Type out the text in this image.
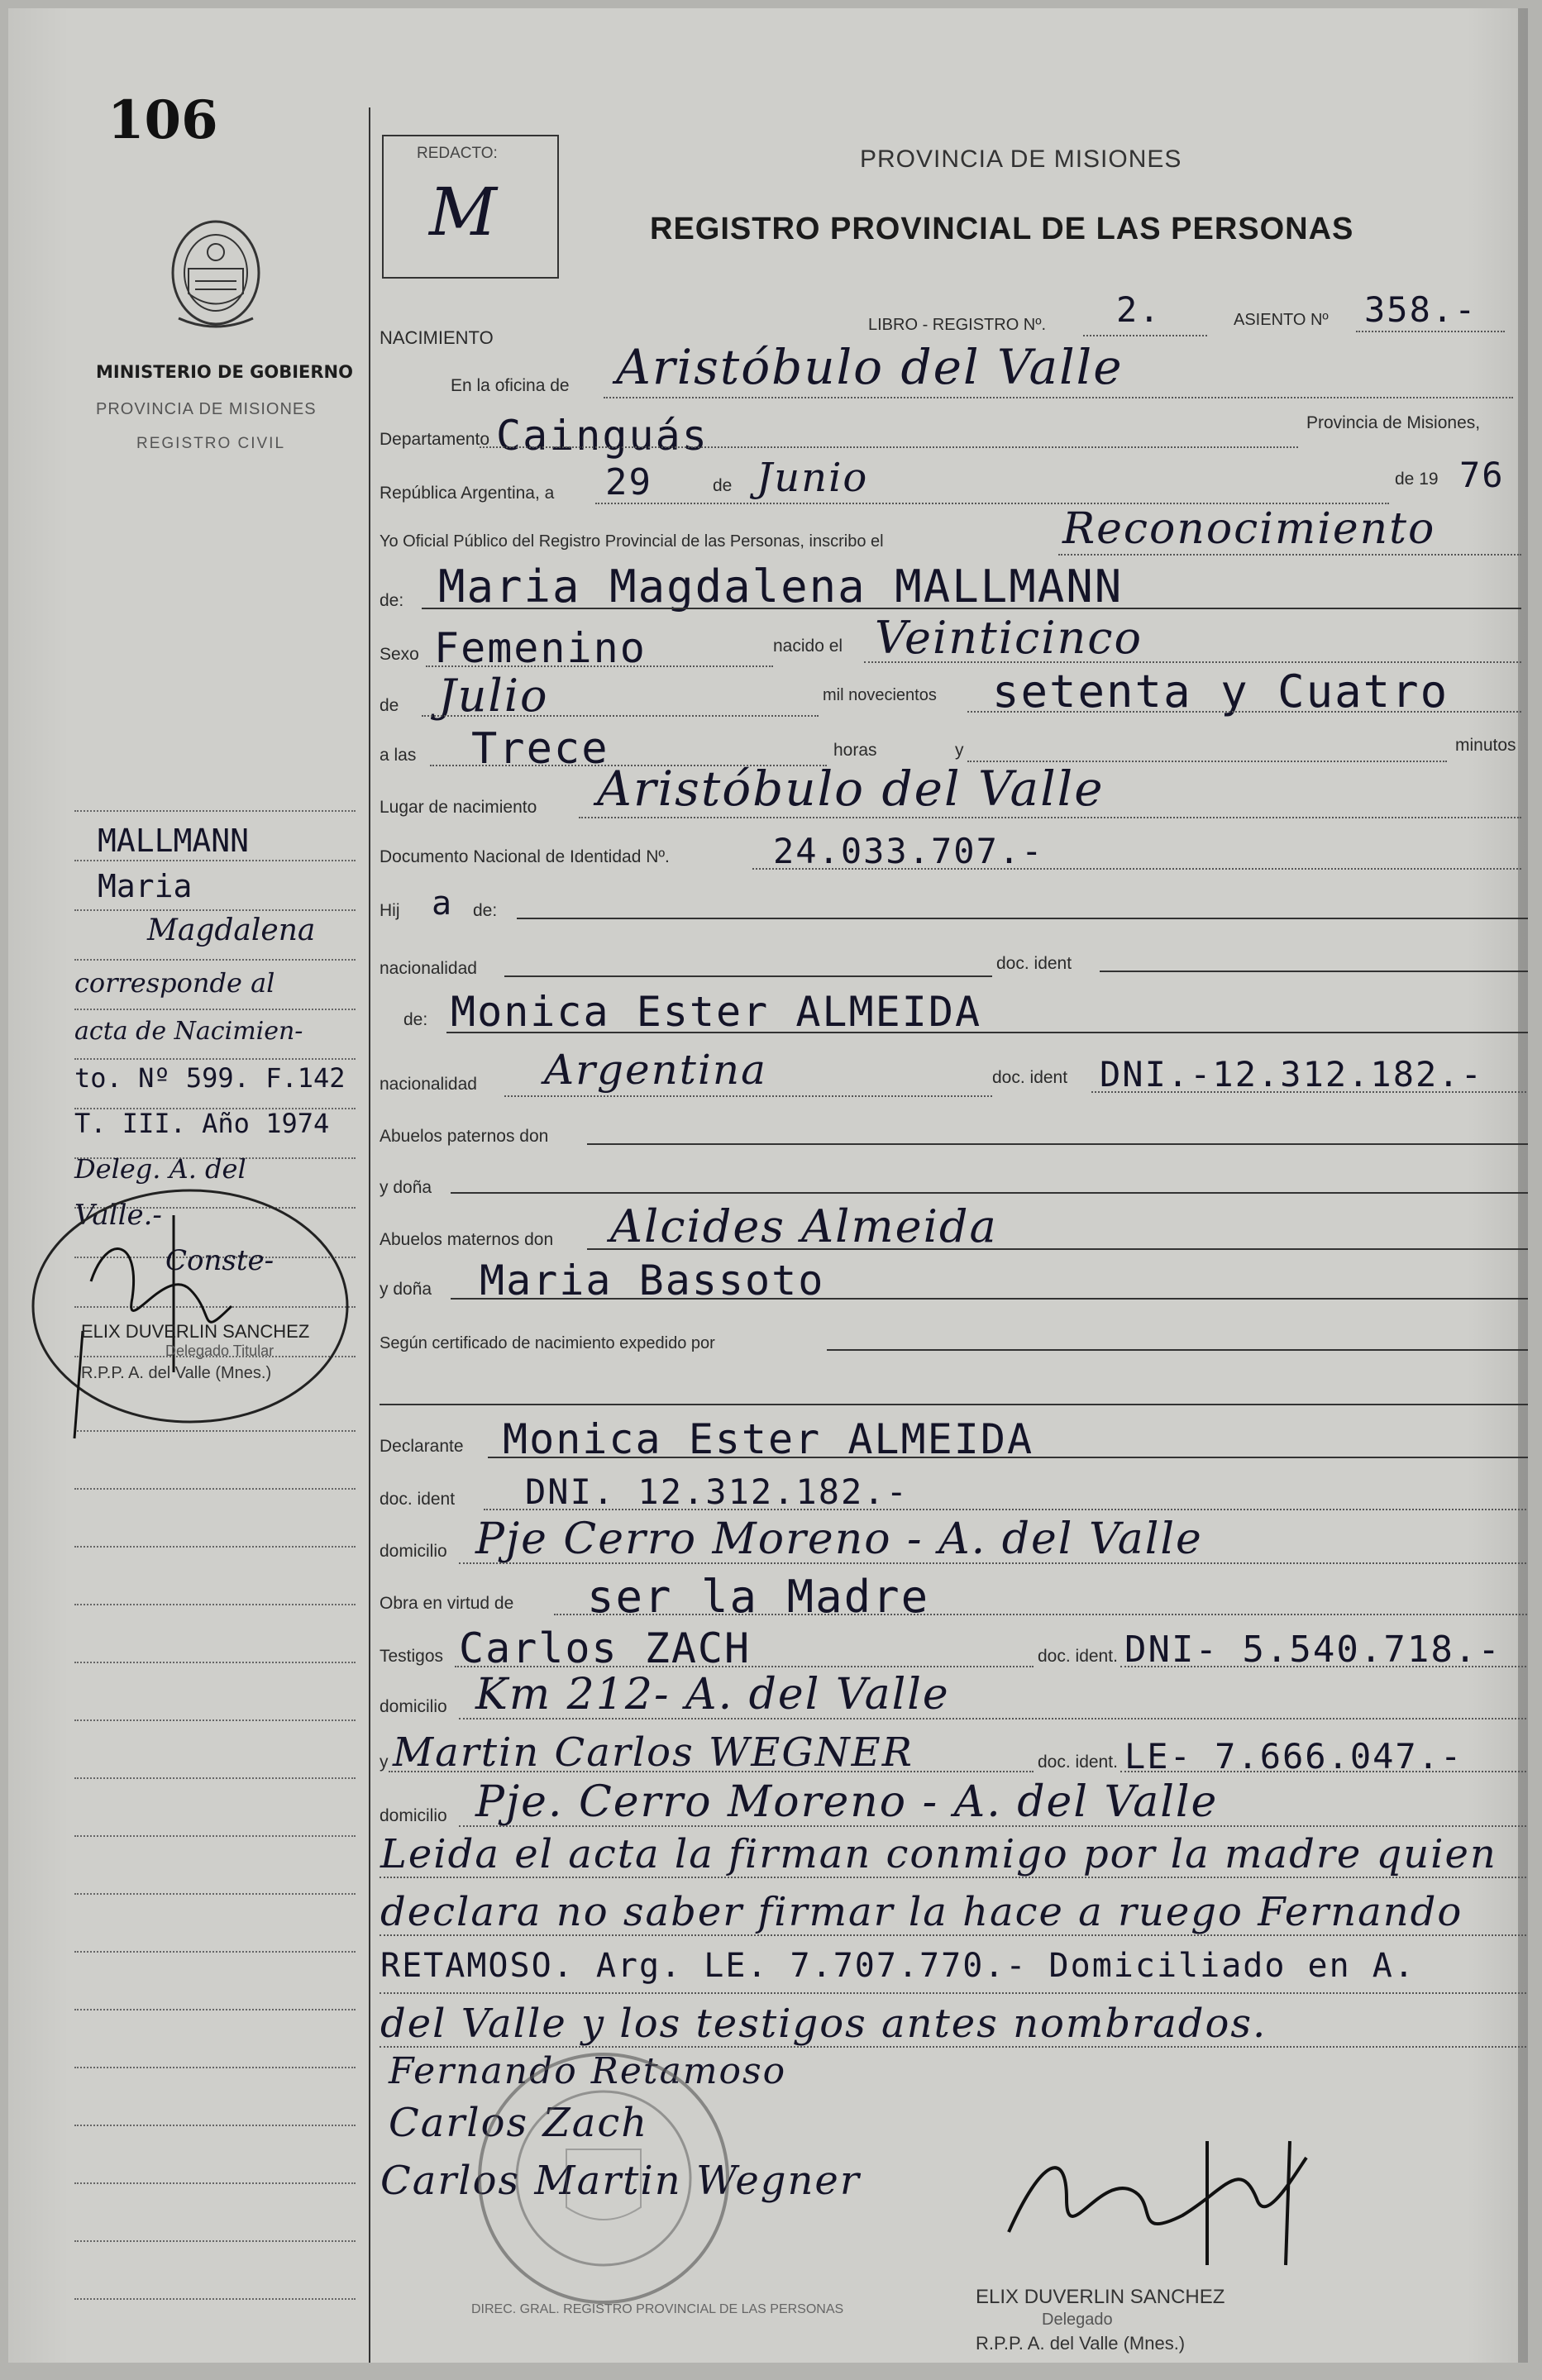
106
MINISTERIO DE GOBIERNO
PROVINCIA DE MISIONES
REGISTRO CIVIL
REDACTO:
M
PROVINCIA DE MISIONES
REGISTRO PROVINCIAL DE LAS PERSONAS
NACIMIENTO
LIBRO - REGISTRO Nº. 2.	ASIENTO Nº 358.-
En la oficina de Aristóbulo del Valle
Departamento Cainguás	Provincia de Misiones,
República Argentina, a 29	de Junio	de 19 76
Yo Oficial Público del Registro Provincial de las Personas, inscribo el	Reconocimiento
de: Maria Magdalena MALLMANN
Sexo Femenino	nacido el Veinticinco
de Julio	mil novecientos setenta y Cuatro
a las Trece	horas	y	minutos
Lugar de nacimiento Aristóbulo del Valle
Documento Nacional de Identidad Nº.	24.033.707.-
Hij a de:
nacionalidad	doc. ident
de: Monica Ester ALMEIDA
nacionalidad Argentina	doc. ident DNI.-12.312.182.-
Abuelos paternos don
y doña
Abuelos maternos don Alcides Almeida
y doña Maria Bassoto
Según certificado de nacimiento expedido por
Declarante Monica Ester ALMEIDA
doc. ident DNI. 12.312.182.-
domicilio Pje Cerro Moreno - A. del Valle
Obra en virtud de ser la Madre
Testigos Carlos ZACH	doc. ident. DNI- 5.540.718.-
domicilio Km 212- A. del Valle
y Martin Carlos WEGNER	doc. ident. LE- 7.666.047.-
domicilio Pje. Cerro Moreno - A. del Valle
Leida el acta la firman conmigo por la madre quien
declara no saber firmar la hace a ruego Fernando
RETAMOSO. Arg. LE. 7.707.770.- Domiciliado en A.
del Valle y los testigos antes nombrados.
Fernando Retamoso
Carlos Zach
Carlos Martin Wegner
DIREC. GRAL. REGISTRO PROVINCIAL DE LAS PERSONAS
ELIX DUVERLIN SANCHEZ
Delegado
R.P.P. A. del Valle (Mnes.)
MALLMANN
Maria
Magdalena
corresponde al
acta de Nacimien-
to. Nº 599. F.142
T. III. Año 1974
Deleg. A. del
Valle.-
Conste-
ELIX DUVERLIN SANCHEZ
Delegado Titular
R.P.P. A. del Valle (Mnes.)
